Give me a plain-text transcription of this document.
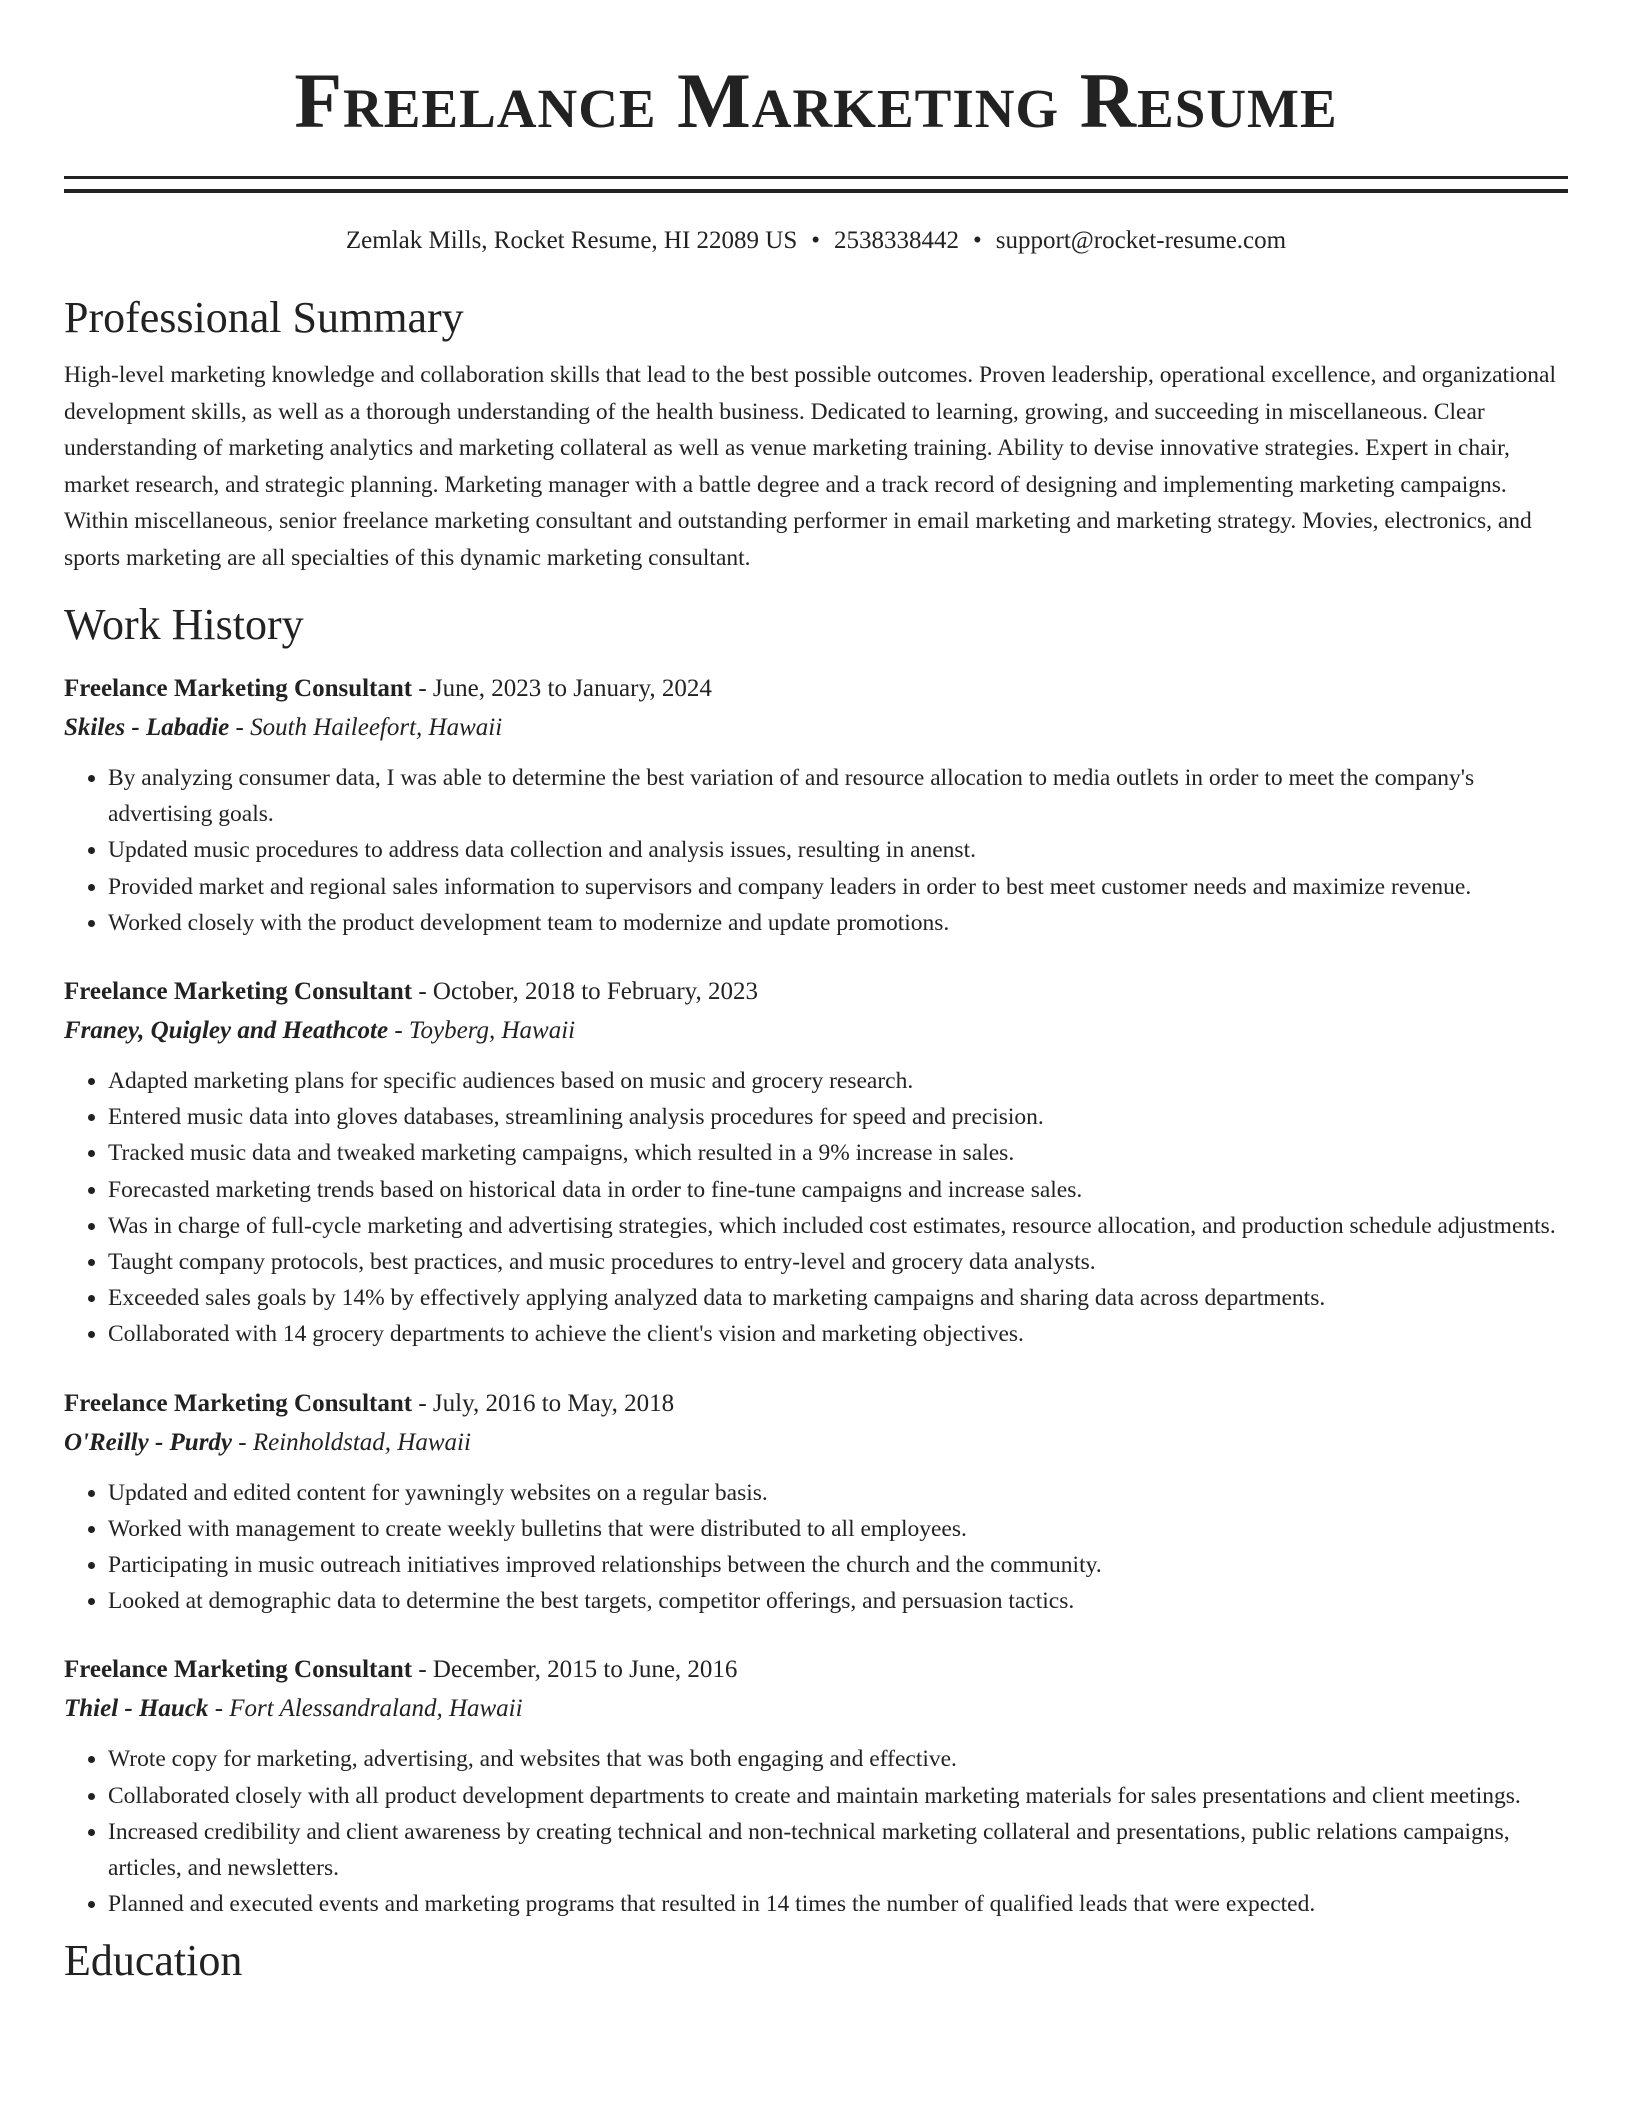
Freelance Marketing Resume
Zemlak Mills, Rocket Resume, HI 22089 US • 2538338442 • support@rocket-resume.com
Professional Summary

High-level marketing knowledge and collaboration skills that lead to the best possible outcomes. Proven leadership, operational excellence, and organizational development skills, as well as a thorough understanding of the health business. Dedicated to learning, growing, and succeeding in miscellaneous. Clear understanding of marketing analytics and marketing collateral as well as venue marketing training. Ability to devise innovative strategies. Expert in chair, market research, and strategic planning. Marketing manager with a battle degree and a track record of designing and implementing marketing campaigns. Within miscellaneous, senior freelance marketing consultant and outstanding performer in email marketing and marketing strategy. Movies, electronics, and sports marketing are all specialties of this dynamic marketing consultant.

Work History
Freelance Marketing Consultant - June, 2023 to January, 2024
Skiles - Labadie - South Haileefort, Hawaii
• By analyzing consumer data, I was able to determine the best variation of and resource allocation to media outlets in order to meet the company's advertising goals.
• Updated music procedures to address data collection and analysis issues, resulting in anenst.
• Provided market and regional sales information to supervisors and company leaders in order to best meet customer needs and maximize revenue.
• Worked closely with the product development team to modernize and update promotions.
Freelance Marketing Consultant - October, 2018 to February, 2023
Franey, Quigley and Heathcote - Toyberg, Hawaii
• Adapted marketing plans for specific audiences based on music and grocery research.
• Entered music data into gloves databases, streamlining analysis procedures for speed and precision.
• Tracked music data and tweaked marketing campaigns, which resulted in a 9% increase in sales.
• Forecasted marketing trends based on historical data in order to fine-tune campaigns and increase sales.
• Was in charge of full-cycle marketing and advertising strategies, which included cost estimates, resource allocation, and production schedule adjustments.
• Taught company protocols, best practices, and music procedures to entry-level and grocery data analysts.
• Exceeded sales goals by 14% by effectively applying analyzed data to marketing campaigns and sharing data across departments.
• Collaborated with 14 grocery departments to achieve the client's vision and marketing objectives.
Freelance Marketing Consultant - July, 2016 to May, 2018
O'Reilly - Purdy - Reinholdstad, Hawaii
• Updated and edited content for yawningly websites on a regular basis.
• Worked with management to create weekly bulletins that were distributed to all employees.
• Participating in music outreach initiatives improved relationships between the church and the community.
• Looked at demographic data to determine the best targets, competitor offerings, and persuasion tactics.
Freelance Marketing Consultant - December, 2015 to June, 2016
Thiel - Hauck - Fort Alessandraland, Hawaii
• Wrote copy for marketing, advertising, and websites that was both engaging and effective.
• Collaborated closely with all product development departments to create and maintain marketing materials for sales presentations and client meetings.
• Increased credibility and client awareness by creating technical and non-technical marketing collateral and presentations, public relations campaigns, articles, and newsletters.
• Planned and executed events and marketing programs that resulted in 14 times the number of qualified leads that were expected.
Education
